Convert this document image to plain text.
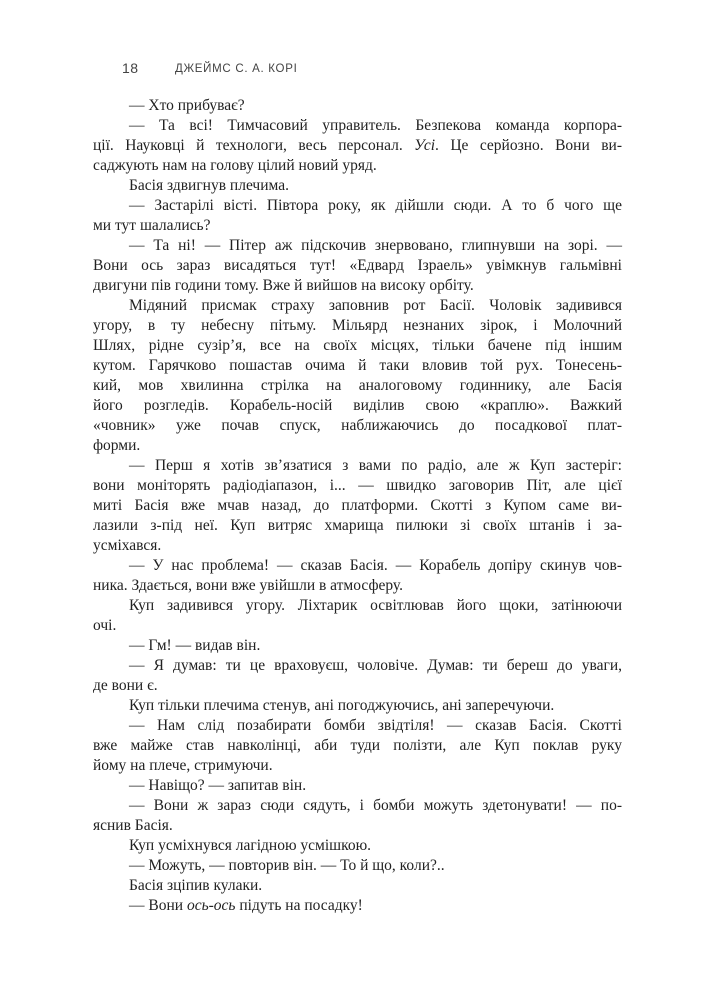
18	ДЖЕЙМС С. А. КОРІ
— Хто прибуває?
— Та всі! Тимчасовий управитель. Безпекова команда корпора-
ції. Науковці й технологи, весь персонал. Усі. Це серйозно. Вони ви-
саджують нам на голову цілий новий уряд.
Басія здвигнув плечима.
— Застарілі вісті. Півтора року, як дійшли сюди. А то б чого ще
ми тут шалались?
— Та ні! — Пітер аж підскочив знервовано, глипнувши на зорі. —
Вони ось зараз висадяться тут! «Едвард Ізраель» увімкнув гальмівні
двигуни пів години тому. Вже й вийшов на високу орбіту.
Мідяний присмак страху заповнив рот Басії. Чоловік задивився
угору, в ту небесну пітьму. Мільярд незнаних зірок, і Молочний
Шлях, рідне сузір’я, все на своїх місцях, тільки бачене під іншим
кутом. Гарячково пошастав очима й таки вловив той рух. Тонесень-
кий, мов хвилинна стрілка на аналоговому годиннику, але Басія
його розгледів. Корабель-носій виділив свою «краплю». Важкий
«човник» уже почав спуск, наближаючись до посадкової плат-
форми.
— Перш я хотів зв’язатися з вами по радіо, але ж Куп застеріг:
вони моніторять радіодіапазон, і... — швидко заговорив Піт, але цієї
миті Басія вже мчав назад, до платформи. Скотті з Купом саме ви-
лазили з-під неї. Куп витряс хмарища пилюки зі своїх штанів і за-
усміхався.
— У нас проблема! — сказав Басія. — Корабель допіру скинув чов-
ника. Здається, вони вже увійшли в атмосферу.
Куп задивився угору. Ліхтарик освітлював його щоки, затінюючи
очі.
— Гм! — видав він.
— Я думав: ти це враховуєш, чоловіче. Думав: ти береш до уваги,
де вони є.
Куп тільки плечима стенув, ані погоджуючись, ані заперечуючи.
— Нам слід позабирати бомби звідтіля! — сказав Басія. Скотті
вже майже став навколінці, аби туди полізти, але Куп поклав руку
йому на плече, стримуючи.
— Навіщо? — запитав він.
— Вони ж зараз сюди сядуть, і бомби можуть здетонувати! — по-
яснив Басія.
Куп усміхнувся лагідною усмішкою.
— Можуть, — повторив він. — То й що, коли?..
Басія зціпив кулаки.
— Вони ось-ось підуть на посадку!
